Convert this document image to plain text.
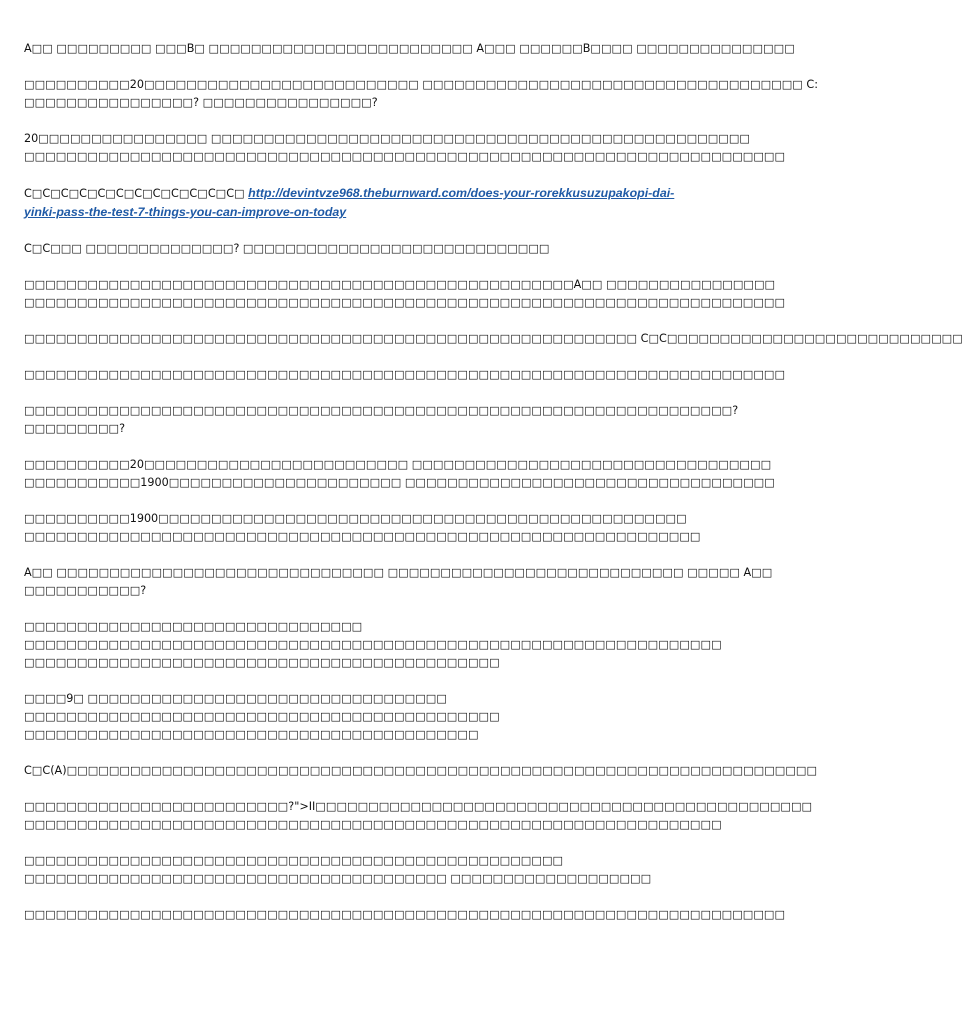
A□□ □□□□□□□□□ □□□B□ □□□□□□□□□□□□□□□□□□□□□□□□□ A□□□ □□□□□□B□□□□ □□□□□□□□□□□□□□□
□□□□□□□□□□20□□□□□□□□□□□□□□□□□□□□□□□□□□ □□□□□□□□□□□□□□□□□□□□□□□□□□□□□□□□□□□□ C:
□□□□□□□□□□□□□□□□? □□□□□□□□□□□□□□□□?
20□□□□□□□□□□□□□□□□ □□□□□□□□□□□□□□□□□□□□□□□□□□□□□□□□□□□□□□□□□□□□□□□□□□□
□□□□□□□□□□□□□□□□□□□□□□□□□□□□□□□□□□□□□□□□□□□□□□□□□□□□□□□□□□□□□□□□□□□□□□□□
C□C□C□C□C□C□C□C□C□C□C□C□ http://devintvze968.theburnward.com/does-your-rorekkusuzupakopi-dai-yinki-pass-the-test-7-things-you-can-improve-on-today
C□C□□□ □□□□□□□□□□□□□□? □□□□□□□□□□□□□□□□□□□□□□□□□□□□□
□□□□□□□□□□□□□□□□□□□□□□□□□□□□□□□□□□□□□□□□□□□□□□□□□□□□A□□ □□□□□□□□□□□□□□□□
□□□□□□□□□□□□□□□□□□□□□□□□□□□□□□□□□□□□□□□□□□□□□□□□□□□□□□□□□□□□□□□□□□□□□□□□
□□□□□□□□□□□□□□□□□□□□□□□□□□□□□□□□□□□□□□□□□□□□□□□□□□□□□□□□□□ C□C□□□□□□□□□□□□□□□□□□□□□□□□□□□□
□□□□□□□□□□□□□□□□□□□□□□□□□□□□□□□□□□□□□□□□□□□□□□□□□□□□□□□□□□□□□□□□□□□□□□□□
□□□□□□□□□□□□□□□□□□□□□□□□□□□□□□□□□□□□□□□□□□□□□□□□□□□□□□□□□□□□□□□□□□□?
□□□□□□□□□?
□□□□□□□□□□20□□□□□□□□□□□□□□□□□□□□□□□□□ □□□□□□□□□□□□□□□□□□□□□□□□□□□□□□□□□□
□□□□□□□□□□□1900□□□□□□□□□□□□□□□□□□□□□□ □□□□□□□□□□□□□□□□□□□□□□□□□□□□□□□□□□□
□□□□□□□□□□1900□□□□□□□□□□□□□□□□□□□□□□□□□□□□□□□□□□□□□□□□□□□□□□□□□□
□□□□□□□□□□□□□□□□□□□□□□□□□□□□□□□□□□□□□□□□□□□□□□□□□□□□□□□□□□□□□□□□
A□□ □□□□□□□□□□□□□□□□□□□□□□□□□□□□□□□ □□□□□□□□□□□□□□□□□□□□□□□□□□□□ □□□□□ A□□
□□□□□□□□□□□?
□□□□□□□□□□□□□□□□□□□□□□□□□□□□□□□□
□□□□□□□□□□□□□□□□□□□□□□□□□□□□□□□□□□□□□□□□□□□□□□□□□□□□□□□□□□□□□□□□□□
□□□□□□□□□□□□□□□□□□□□□□□□□□□□□□□□□□□□□□□□□□□□□
□□□□9□ □□□□□□□□□□□□□□□□□□□□□□□□□□□□□□□□□□
□□□□□□□□□□□□□□□□□□□□□□□□□□□□□□□□□□□□□□□□□□□□□
□□□□□□□□□□□□□□□□□□□□□□□□□□□□□□□□□□□□□□□□□□□
C□C(A)□□□□□□□□□□□□□□□□□□□□□□□□□□□□□□□□□□□□□□□□□□□□□□□□□□□□□□□□□□□□□□□□□□□□□□□
□□□□□□□□□□□□□□□□□□□□□□□□□?">II□□□□□□□□□□□□□□□□□□□□□□□□□□□□□□□□□□□□□□□□□□□□□□□
□□□□□□□□□□□□□□□□□□□□□□□□□□□□□□□□□□□□□□□□□□□□□□□□□□□□□□□□□□□□□□□□□□
□□□□□□□□□□□□□□□□□□□□□□□□□□□□□□□□□□□□□□□□□□□□□□□□□□□
□□□□□□□□□□□□□□□□□□□□□□□□□□□□□□□□□□□□□□□□ □□□□□□□□□□□□□□□□□□□
□□□□□□□□□□□□□□□□□□□□□□□□□□□□□□□□□□□□□□□□□□□□□□□□□□□□□□□□□□□□□□□□□□□□□□□□
